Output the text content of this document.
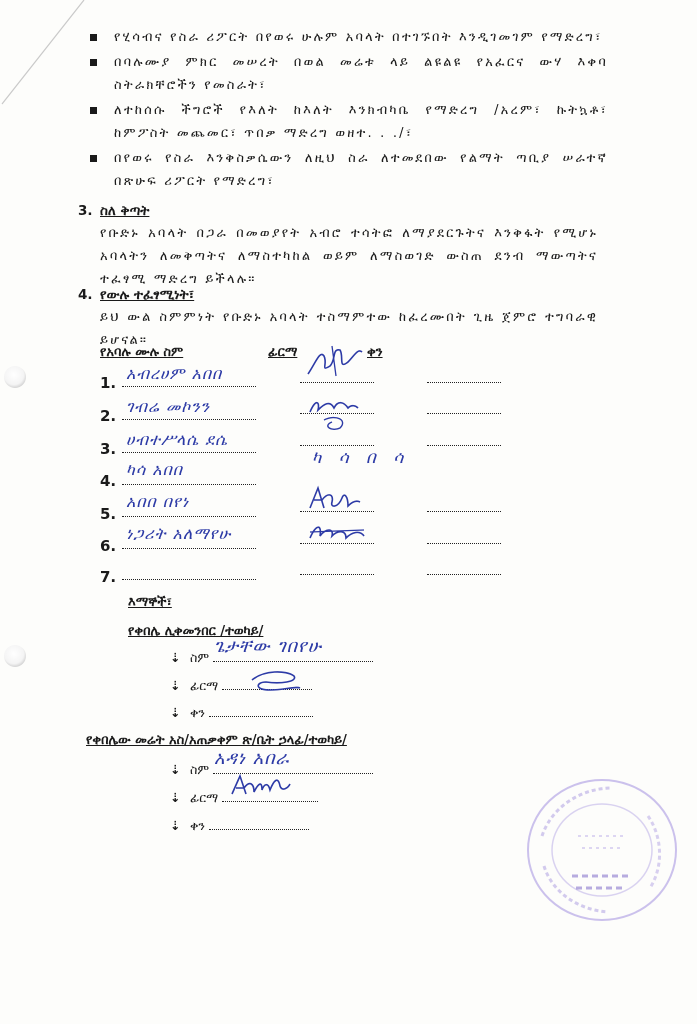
የሂሳብና የስራ ሪፖርት በየወሩ ሁሉም አባላት በተገኙበት እንዲገመገም የማድረግ፣
በባሉሙያ ምክር መሠረት በወል መሬቱ ላይ ልዩልዩ የአፈርና ውሃ እቀባ ስትራክቸሮችን የመስራት፣
ለተከሰሱ ችግሮች የእለት ከእለት እንክብካቤ የማድረግ /አረም፣ ኩትኳቶ፣ ከምፖስት መጨመር፣ ጥበቃ ማድረግ ወዘተ. . ./፣
በየወሩ የስራ እንቅስቃሴውን ለዚህ ስራ ለተመደበው የልማት ጣቢያ ሠራተኛ በጽሁፍ ሪፖርት የማድረግ፣
3. ስለ ቅጣት
የቡድኑ አባላት በጋራ በመወያየት አብሮ ተሳትፎ ለማያደርጉትና እንቅፋት የሚሆኑ አባላትን ለመቅጣትና ለማስተካከል ወይም ለማስወገድ ውስጠ ደንብ ማውጣትና ተፈፃሚ ማድረግ ይችላሉ።
4. የውሉ ተፈፃሚነት፣
ይህ ውል ስምምነት የቡድኑ አባላት ተስማምተው ከፈረሙበት ጊዜ ጀምሮ ተግባራዊ ይሆናል።
የአባሉ ሙሉ ስም	ፊርማ	ቀን
1. አብረሀም አበበ
2. ገብሬ መኮንን
3. ሀብተሥላሴ ደሴ
4.
ካሳ አበበ
ካ ሳ በ ሳ
5.
አበበ በየነ
6.
ነጋሪት አለማየሁ
7.
እማኞች፣
የቀበሌ ሊቀመንበር /ተወካይ/
⇣ ስም
ጌታቸው ገበየሁ
⇣ ፊርማ
⇣ ቀን
የቀበሌው መሬት አስ/አጠቃቀም ጽ/ቤት ኃላፊ/ተወካይ/
⇣ ስም
አዳነ አበራ
⇣ ፊርማ
⇣ ቀን
